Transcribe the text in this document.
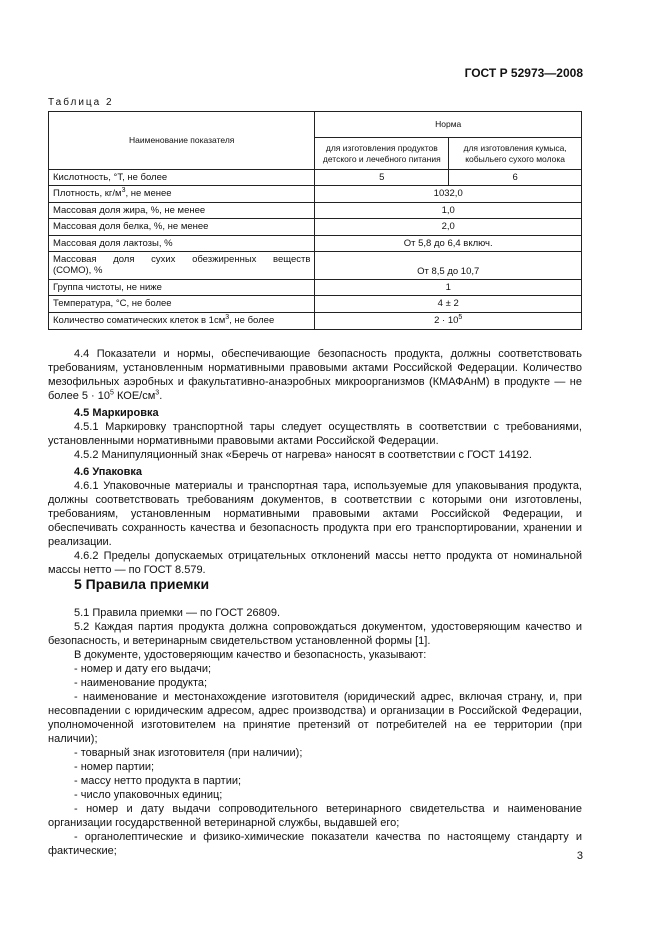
ГОСТ Р 52973—2008
Таблица 2
Наименование показателя	Норма	
	для изготовления продуктов детского и лечебного питания	для изготовления кумыса, кобыльего сухого молока
Кислотность, °Т, не более	5	6
Плотность, $кг/м^3$, не менее	1032,0	
Массовая доля жира, %, не менее	1,0	
Массовая доля белка, %, не менее	2,0	
Массовая доля лактозы, %	От 5,8 до 6,4 включ.	

Массовая доля сухих обезжиренных веществ
(СОМО), %	От 8,5 до 10,7	
Группа чистоты, не ниже	1	
Температура, °С, не более	4 ± 2	
Количество соматических клеток в $1см^3$, не более	$2 \cdot 10^5$

4.4 Показатели и нормы, обеспечивающие безопасность продукта, должны соответствовать требованиям, установленным нормативными правовыми актами Российской Федерации. Количество мезофильных аэробных и факультативно-анаэробных микроорганизмов (КМАФАнМ) в продукте — не более $5 \cdot 10^5$ КОЕ/$см^3$.

4.5 Маркировка

4.5.1 Маркировку транспортной тары следует осуществлять в соответствии с требованиями, установленными нормативными правовыми актами Российской Федерации.

4.5.2 Манипуляционный знак «Беречь от нагрева» наносят в соответствии с ГОСТ 14192.

4.6 Упаковка

4.6.1 Упаковочные материалы и транспортная тара, используемые для упаковывания продукта, должны соответствовать требованиям документов, в соответствии с которыми они изготовлены, требованиям, установленным нормативными правовыми актами Российской Федерации, и обеспечивать сохранность качества и безопасность продукта при его транспортировании, хранении и реализации.

4.6.2 Пределы допускаемых отрицательных отклонений массы нетто продукта от номинальной массы нетто — по ГОСТ 8.579.

5 Правила приемки

5.1 Правила приемки — по ГОСТ 26809.

5.2 Каждая партия продукта должна сопровождаться документом, удостоверяющим качество и безопасность, и ветеринарным свидетельством установленной формы [1].

В документе, удостоверяющим качество и безопасность, указывают:

- номер и дату его выдачи;

- наименование продукта;

- наименование и местонахождение изготовителя (юридический адрес, включая страну, и, при несовпадении с юридическим адресом, адрес производства) и организации в Российской Федерации, уполномоченной изготовителем на принятие претензий от потребителей на ее территории (при наличии);

- товарный знак изготовителя (при наличии);

- номер партии;

- массу нетто продукта в партии;

- число упаковочных единиц;

- номер и дату выдачи сопроводительного ветеринарного свидетельства и наименование организации государственной ветеринарной службы, выдавшей его;

- органолептические и физико-химические показатели качества по настоящему стандарту и фактические;	3
